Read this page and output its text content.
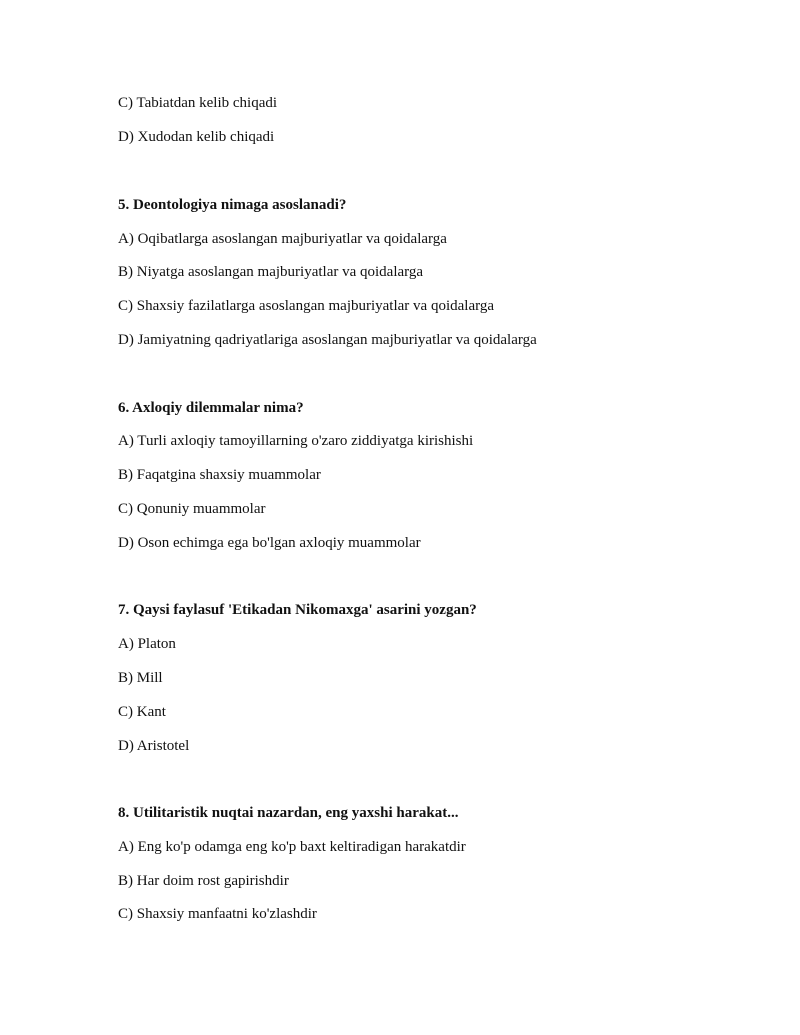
C) Tabiatdan kelib chiqadi
D) Xudodan kelib chiqadi
5. Deontologiya nimaga asoslanadi?
A) Oqibatlarga asoslangan majburiyatlar va qoidalarga
B) Niyatga asoslangan majburiyatlar va qoidalarga
C) Shaxsiy fazilatlarga asoslangan majburiyatlar va qoidalarga
D) Jamiyatning qadriyatlariga asoslangan majburiyatlar va qoidalarga
6. Axloqiy dilemmalar nima?
A) Turli axloqiy tamoyillarning o'zaro ziddiyatga kirishishi
B) Faqatgina shaxsiy muammolar
C) Qonuniy muammolar
D) Oson echimga ega bo'lgan axloqiy muammolar
7. Qaysi faylasuf 'Etikadan Nikomaxga' asarini yozgan?
A) Platon
B) Mill
C) Kant
D) Aristotel
8. Utilitaristik nuqtai nazardan, eng yaxshi harakat...
A) Eng ko'p odamga eng ko'p baxt keltiradigan harakatdir
B) Har doim rost gapirishdir
C) Shaxsiy manfaatni ko'zlashdir
